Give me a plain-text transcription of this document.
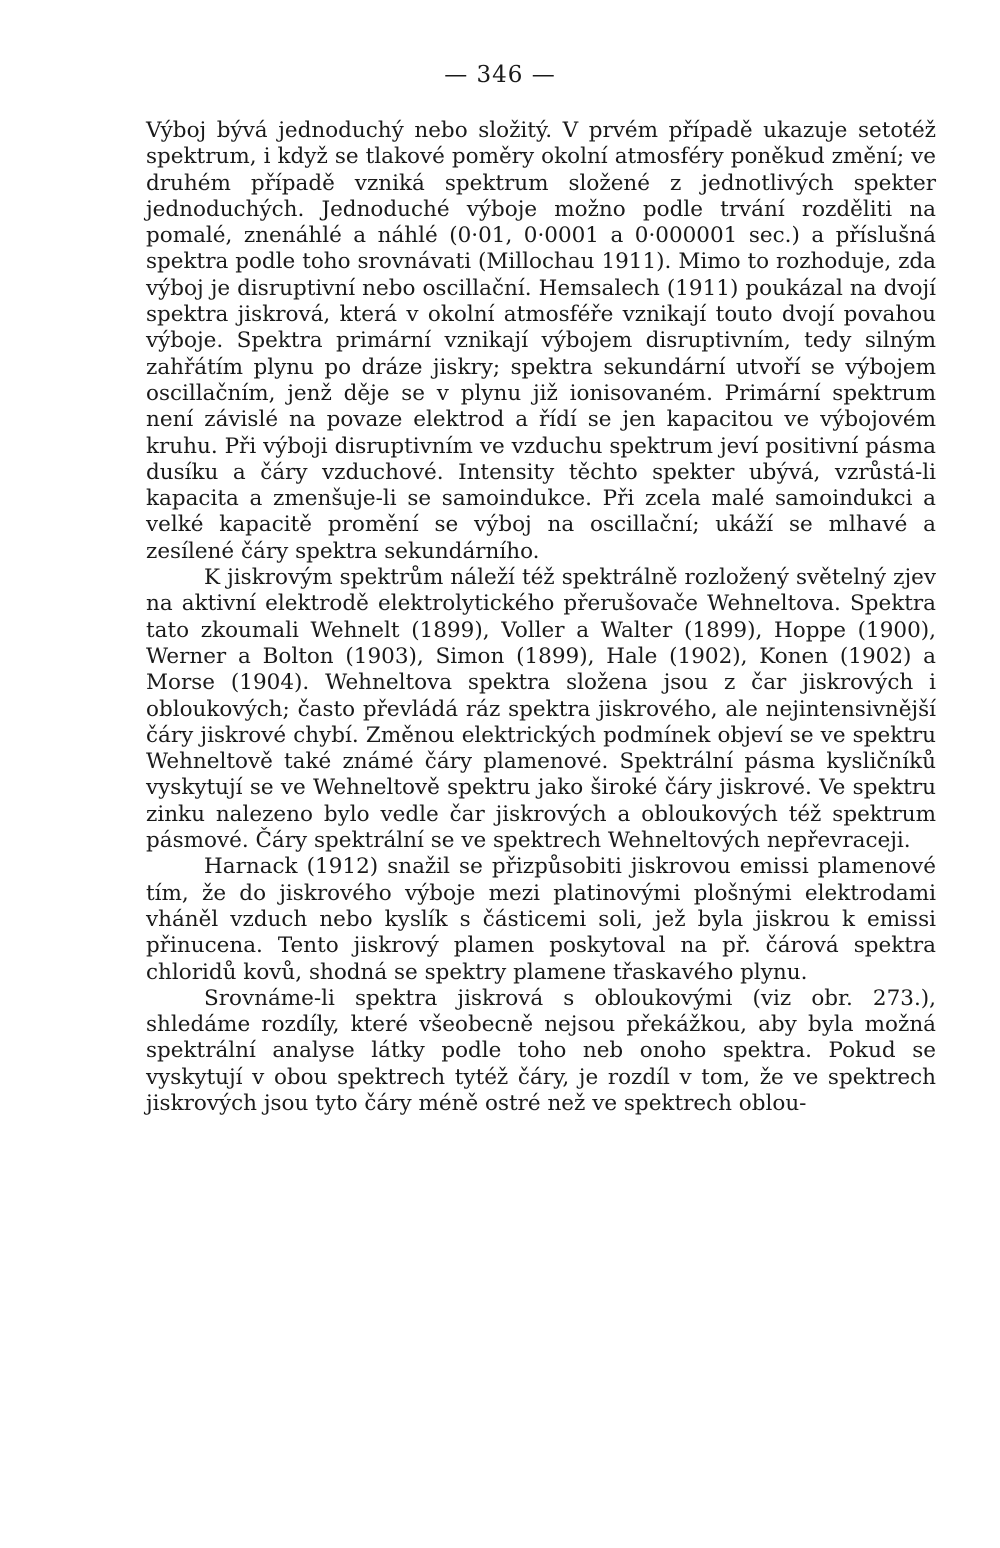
— 346 —

Výboj bývá jednoduchý nebo složitý. V prvém případě ukazuje setotéž spektrum, i když se tlakové poměry okolní atmosféry poněkud změní; ve druhém případě vzniká spektrum složené z jednotlivých spekter jednoduchých. Jednoduché výboje možno podle trvání rozděliti na pomalé, znenáhlé a náhlé (0·01, 0·0001 a 0·000001 sec.) a příslušná spektra podle toho srovnávati (Millochau 1911). Mimo to rozhoduje, zda výboj je disruptivní nebo oscillační. Hemsalech (1911) poukázal na dvojí spektra jiskrová, která v okolní atmosféře vznikají touto dvojí povahou výboje. Spektra primární vznikají výbojem disruptivním, tedy silným zahřátím plynu po dráze jiskry; spektra sekundární utvoří se výbojem oscillačním, jenž děje se v plynu již ionisovaném. Primární spektrum není závislé na povaze elektrod a řídí se jen kapacitou ve výbojovém kruhu. Při výboji disruptivním ve vzduchu spektrum jeví positivní pásma dusíku a čáry vzduchové. Intensity těchto spekter ubývá, vzrůstá-li kapacita a zmenšuje-li se samoindukce. Při zcela malé samoindukci a velké kapacitě promění se výboj na oscillační; ukáží se mlhavé a zesílené čáry spektra sekundárního.

K jiskrovým spektrům náleží též spektrálně rozložený světelný zjev na aktivní elektrodě elektrolytického přerušovače Wehneltova. Spektra tato zkoumali Wehnelt (1899), Voller a Walter (1899), Hoppe (1900), Werner a Bolton (1903), Simon (1899), Hale (1902), Konen (1902) a Morse (1904). Wehneltova spektra složena jsou z čar jiskrových i obloukových; často převládá ráz spektra jiskrového, ale nejintensivnější čáry jiskrové chybí. Změnou elektrických podmínek objeví se ve spektru Wehneltově také známé čáry plamenové. Spektrální pásma kysličníků vyskytují se ve Wehneltově spektru jako široké čáry jiskrové. Ve spektru zinku nalezeno bylo vedle čar jiskrových a obloukových též spektrum pásmové. Čáry spektrální se ve spektrech Wehneltových nepřevraceji.

Harnack (1912) snažil se přizpůsobiti jiskrovou emissi plamenové tím, že do jiskrového výboje mezi platinovými plošnými elektrodami vháněl vzduch nebo kyslík s částicemi soli, jež byla jiskrou k emissi přinucena. Tento jiskrový plamen poskytoval na př. čárová spektra chloridů kovů, shodná se spektry plamene třaskavého plynu.

Srovnáme-li spektra jiskrová s obloukovými (viz obr. 273.), shledáme rozdíly, které všeobecně nejsou překážkou, aby byla možná spektrální analyse látky podle toho neb onoho spektra. Pokud se vyskytují v obou spektrech tytéž čáry, je rozdíl v tom, že ve spektrech jiskrových jsou tyto čáry méně ostré než ve spektrech oblou-
